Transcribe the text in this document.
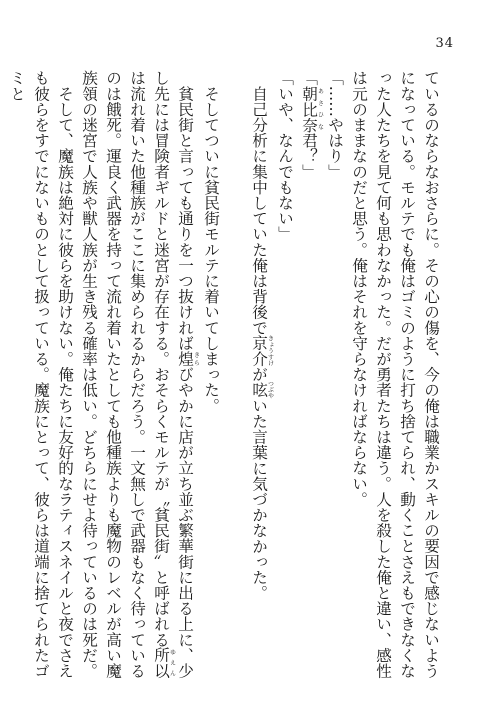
34

ているのならなおさらに。その心の傷を、今の俺は職業かスキルの要因で感じないようになっている。モルテでも俺はゴミのように打ち捨てられ、動くことさえもできなくなった人たちを見て何も思わなかった。だが勇者たちは違う。人を殺した俺と違い、感性は元のままなのだと思う。俺はそれを守らなければならない。

「……やはり」

「朝比奈あさひな君？」

「いや、なんでもない」

　自己分析に集中していた俺は背後で京介きょうすけが呟つぶやいた言葉に気づかなかった。

　そしてついに貧民街モルテに着いてしまった。

　貧民街と言っても通りを一つ抜ければ煌きらびやかに店が立ち並ぶ繁華街に出る上に、少し先には冒険者ギルドと迷宮が存在する。おそらくモルテが〝貧民街〟と呼ばれる所以ゆえんは流れ着いた他種族がここに集められるからだろう。一文無しで武器もなく待っているのは餓死。運良く武器を持って流れ着いたとしても他種族よりも魔物のレベルが高い魔族領の迷宮で人族や獣人族が生き残る確率は低い。どちらにせよ待っているのは死だ。

　そして、魔族は絶対に彼らを助けない。俺たちに友好的なラティスネイルと夜でさえも彼らをすでにないものとして扱っている。魔族にとって、彼らは道端に捨てられたゴミと
